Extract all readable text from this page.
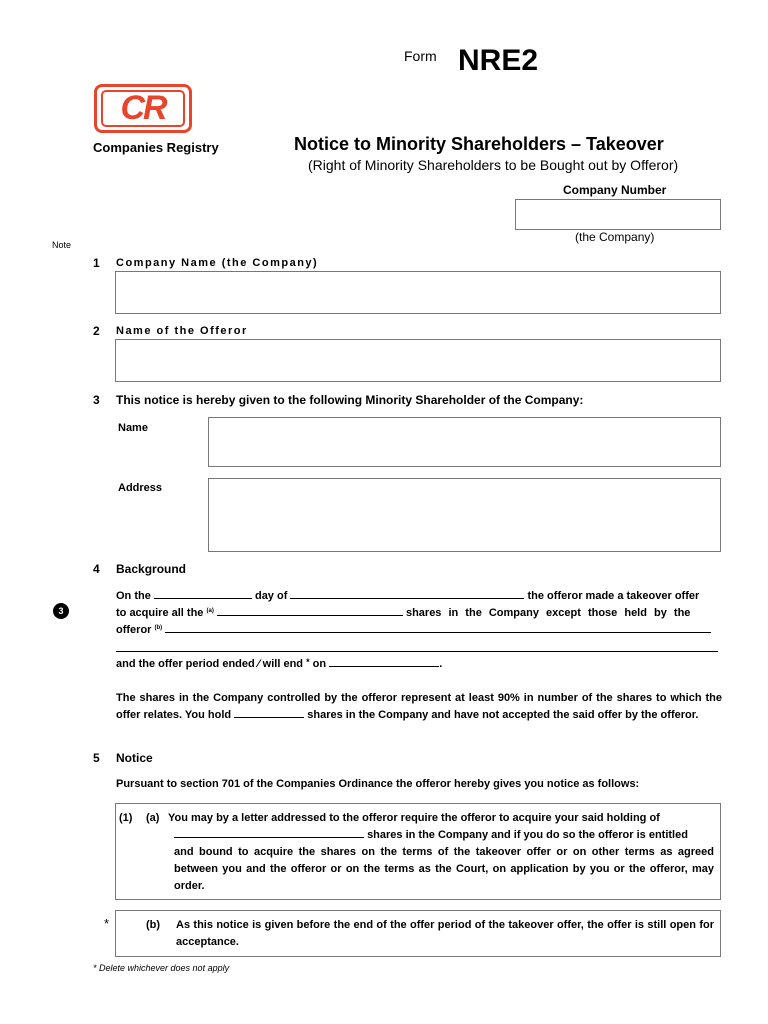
Form NRE2
CR
Companies Registry	Notice to Minority Shareholders – Takeover
(Right of Minority Shareholders to be Bought out by Offeror)
Company Number
(the Company)
Note
1 Company Name (the Company)
2 Name of the Offeror
3 This notice is hereby given to the following Minority Shareholder of the Company:
Name
Address
4 Background
3
On the	day of	the offeror made a takeover offer
to acquire all the $^{(a)}$	shares in the Company except those held by the
offeror $^{(b)}$
and the offer period ended ∕ will end * on	.
The shares in the Company controlled by the offeror represent at least 90% in number of the shares to which the offer relates. You hold	shares in the Company and have not accepted the said offer by the offeror.
5 Notice
Pursuant to section 701 of the Companies Ordinance the offeror hereby gives you notice as follows:
(1) (a) You may by a letter addressed to the offeror require the offeror to acquire your said holding of
shares in the Company and if you do so the offeror is entitled
and bound to acquire the shares on the terms of the takeover offer or on other terms as agreed between you and the offeror or on the terms as the Court, on application by you or the offeror, may order.
*	(b) As this notice is given before the end of the offer period of the takeover offer, the offer is still open for acceptance.
* Delete whichever does not apply
